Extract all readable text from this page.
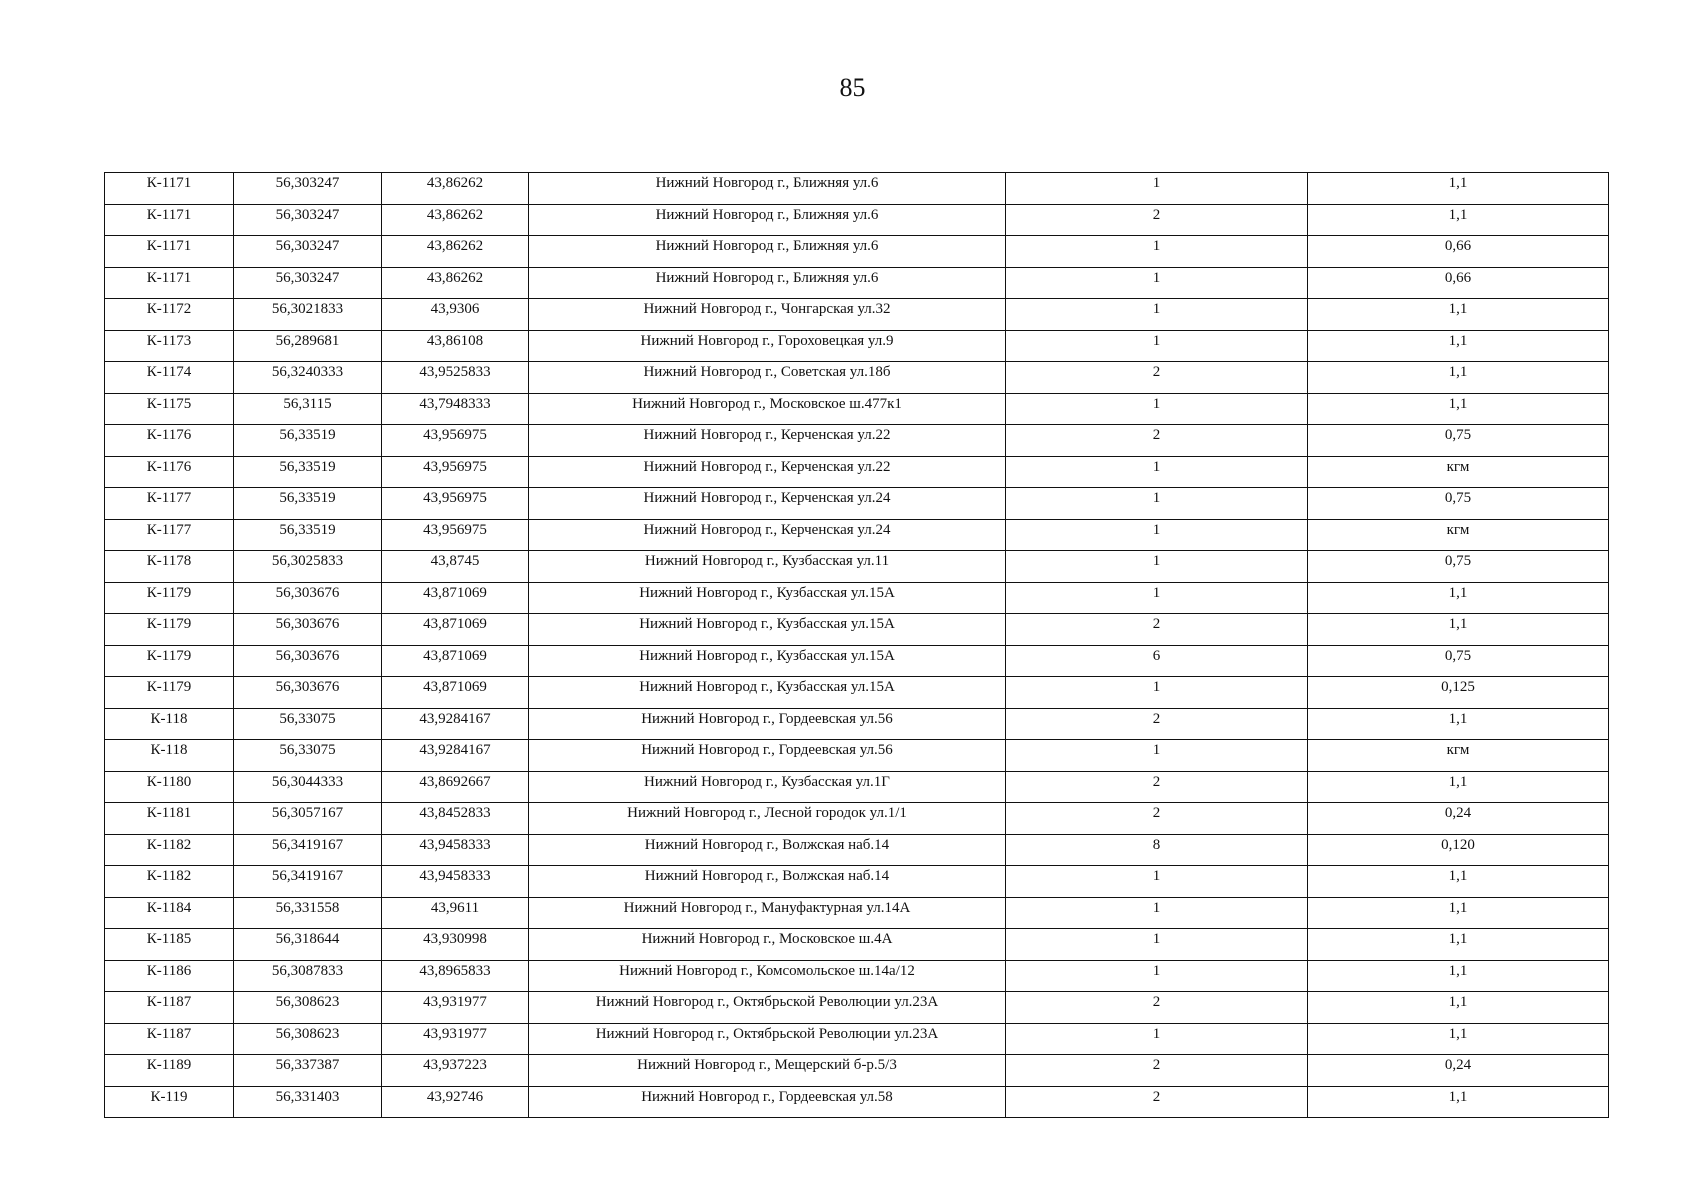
85
К-1171	56,303247	43,86262	Нижний Новгород г., Ближняя ул.6	1	1,1
К-1171	56,303247	43,86262	Нижний Новгород г., Ближняя ул.6	2	1,1
К-1171	56,303247	43,86262	Нижний Новгород г., Ближняя ул.6	1	0,66
К-1171	56,303247	43,86262	Нижний Новгород г., Ближняя ул.6	1	0,66
К-1172	56,3021833	43,9306	Нижний Новгород г., Чонгарская ул.32	1	1,1
К-1173	56,289681	43,86108	Нижний Новгород г., Гороховецкая ул.9	1	1,1
К-1174	56,3240333	43,9525833	Нижний Новгород г., Советская ул.18б	2	1,1
К-1175	56,3115	43,7948333	Нижний Новгород г., Московское ш.477к1	1	1,1
К-1176	56,33519	43,956975	Нижний Новгород г., Керченская ул.22	2	0,75
К-1176	56,33519	43,956975	Нижний Новгород г., Керченская ул.22	1	кгм
К-1177	56,33519	43,956975	Нижний Новгород г., Керченская ул.24	1	0,75
К-1177	56,33519	43,956975	Нижний Новгород г., Керченская ул.24	1	кгм
К-1178	56,3025833	43,8745	Нижний Новгород г., Кузбасская ул.11	1	0,75
К-1179	56,303676	43,871069	Нижний Новгород г., Кузбасская ул.15А	1	1,1
К-1179	56,303676	43,871069	Нижний Новгород г., Кузбасская ул.15А	2	1,1
К-1179	56,303676	43,871069	Нижний Новгород г., Кузбасская ул.15А	6	0,75
К-1179	56,303676	43,871069	Нижний Новгород г., Кузбасская ул.15А	1	0,125
К-118	56,33075	43,9284167	Нижний Новгород г., Гордеевская ул.56	2	1,1
К-118	56,33075	43,9284167	Нижний Новгород г., Гордеевская ул.56	1	кгм
К-1180	56,3044333	43,8692667	Нижний Новгород г., Кузбасская ул.1Г	2	1,1
К-1181	56,3057167	43,8452833	Нижний Новгород г., Лесной городок ул.1/1	2	0,24
К-1182	56,3419167	43,9458333	Нижний Новгород г., Волжская наб.14	8	0,120
К-1182	56,3419167	43,9458333	Нижний Новгород г., Волжская наб.14	1	1,1
К-1184	56,331558	43,9611	Нижний Новгород г., Мануфактурная ул.14А	1	1,1
К-1185	56,318644	43,930998	Нижний Новгород г., Московское ш.4А	1	1,1
К-1186	56,3087833	43,8965833	Нижний Новгород г., Комсомольское ш.14а/12	1	1,1
К-1187	56,308623	43,931977	Нижний Новгород г., Октябрьской Революции ул.23А	2	1,1
К-1187	56,308623	43,931977	Нижний Новгород г., Октябрьской Революции ул.23А	1	1,1
К-1189	56,337387	43,937223	Нижний Новгород г., Мещерский б-р.5/3	2	0,24
К-119	56,331403	43,92746	Нижний Новгород г., Гордеевская ул.58	2	1,1
